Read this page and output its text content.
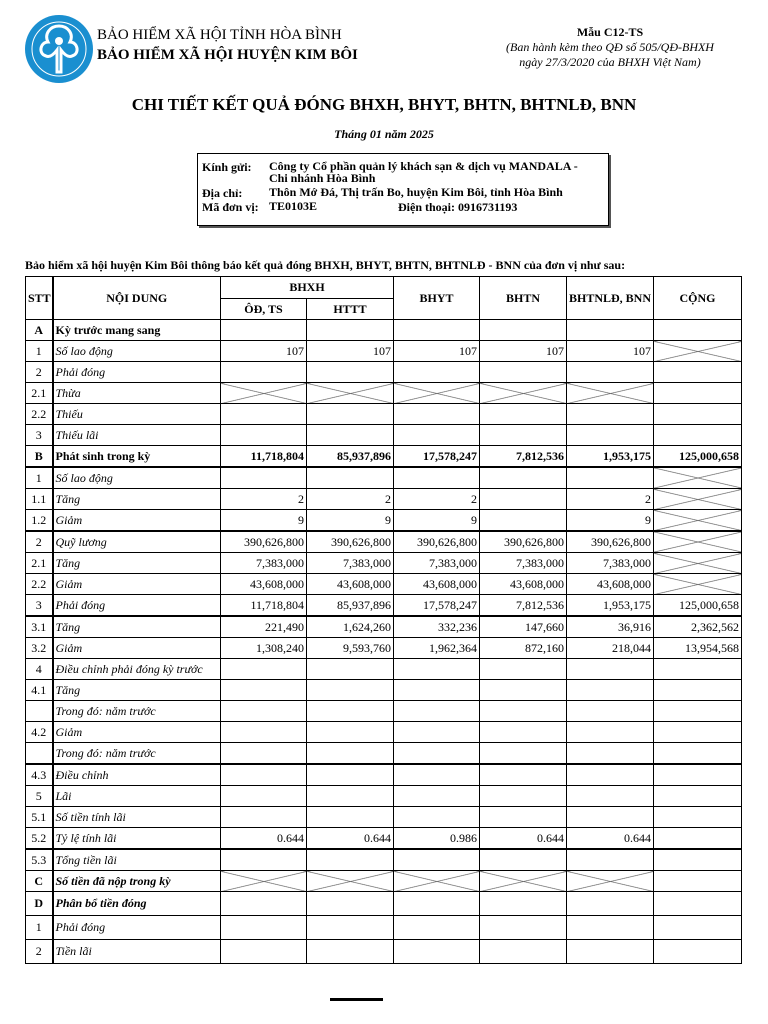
BẢO HIỂM XÃ HỘI TỈNH HÒA BÌNH
BẢO HIỂM XÃ HỘI HUYỆN KIM BÔI
Mẫu C12-TS
(Ban hành kèm theo QĐ số 505/QĐ-BHXH
ngày 27/3/2020 của BHXH Việt Nam)
CHI TIẾT KẾT QUẢ ĐÓNG BHXH, BHYT, BHTN, BHTNLĐ, BNN
Tháng 01 năm 2025
Kính gửi: Công ty Cổ phần quản lý khách sạn & dịch vụ MANDALA - Chi nhánh Hòa Bình
Địa chỉ: Thôn Mớ Đá, Thị trấn Bo, huyện Kim Bôi, tỉnh Hòa Bình
Mã đơn vị: TE0103E	Điện thoại: 0916731193
Bảo hiểm xã hội huyện Kim Bôi thông báo kết quả đóng BHXH, BHYT, BHTN, BHTNLĐ - BNN của đơn vị như sau:
STT	NỘI DUNG	BHXH		BHYT	BHTN	BHTNLĐ, BNN	CỘNG
		ÔĐ, TS	HTTT				
A	Kỳ trước mang sang						
1	Số lao động	107	107	107	107	107	
2	Phải đóng						
2.1	Thừa						
2.2	Thiếu						
3	Thiếu lãi						
B	Phát sinh trong kỳ	11,718,804	85,937,896	17,578,247	7,812,536	1,953,175	125,000,658
1	Số lao động						
1.1	Tăng	2	2	2		2	
1.2	Giảm	9	9	9		9	
2	Quỹ lương	390,626,800	390,626,800	390,626,800	390,626,800	390,626,800	
2.1	Tăng	7,383,000	7,383,000	7,383,000	7,383,000	7,383,000	
2.2	Giảm	43,608,000	43,608,000	43,608,000	43,608,000	43,608,000	
3	Phải đóng	11,718,804	85,937,896	17,578,247	7,812,536	1,953,175	125,000,658
3.1	Tăng	221,490	1,624,260	332,236	147,660	36,916	2,362,562
3.2	Giảm	1,308,240	9,593,760	1,962,364	872,160	218,044	13,954,568
4	Điều chỉnh phải đóng kỳ trước						
4.1	Tăng						
	Trong đó: năm trước						
4.2	Giảm						
	Trong đó: năm trước						
4.3	Điều chỉnh						
5	Lãi						
5.1	Số tiền tính lãi						
5.2	Tỷ lệ tính lãi	0.644	0.644	0.986	0.644	0.644	
5.3	Tổng tiền lãi						
C	Số tiền đã nộp trong kỳ						
D	Phân bổ tiền đóng						
1	Phải đóng						
2	Tiền lãi						
